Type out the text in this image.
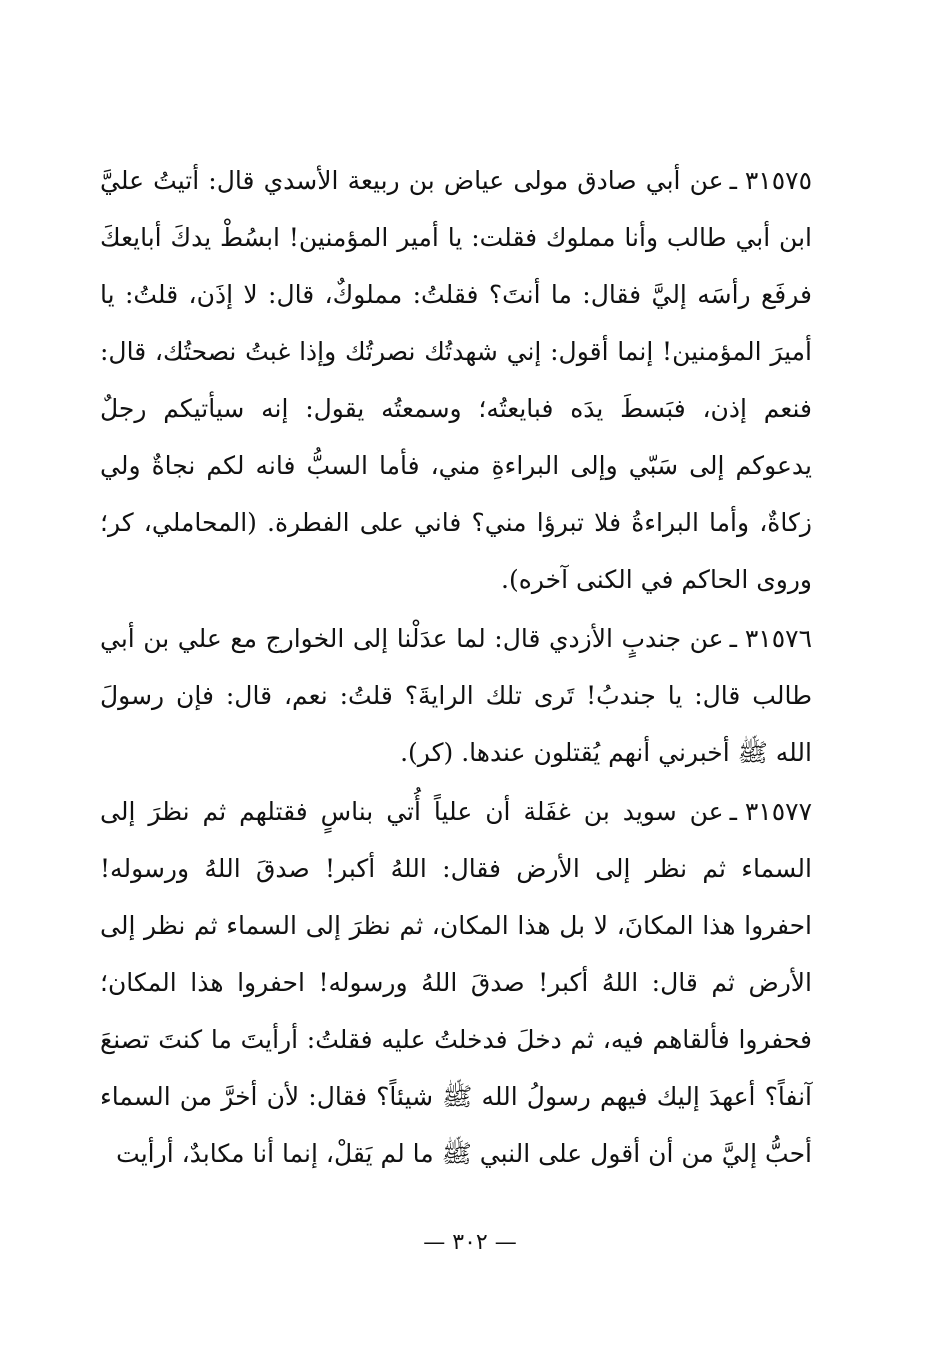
٣١٥٧٥ ـعن أبي صادق مولى عياض بن ربيعة الأسدي قال: أتيتُ عليَّ ابن أبي طالب وأنا مملوك فقلت: يا أمير المؤمنين! ابسُطْ يدكَ أبايعكَ فرفَع رأسَه إليَّ فقال: ما أنتَ؟ فقلتُ: مملوكٌ، قال: لا إذَن، قلتُ: يا أميرَ المؤمنين! إنما أقول: إني شهدتُك نصرتُك وإذا غبتُ نصحتُك، قال: فنعم إذن، فبَسطَ يدَه فبايعتُه؛ وسمعتُه يقول: إنه سيأتيكم رجلٌ يدعوكم إلى سَبّي وإلى البراءةِ مني، فأما السبُّ فانه لكم نجاةٌ ولي زكاةٌ، وأما البراءةُ فلا تبرؤا مني؟ فاني على الفطرة. (المحاملي، كر؛ وروى الحاكم في الكنى آخره).

٣١٥٧٦ ـعن جندبٍ الأزدي قال: لما عدَلْنا إلى الخوارج مع علي بن أبي طالب قال: يا جندبُ! تَرى تلك الرايةَ؟ قلتُ: نعم، قال: فإن رسولَ الله ﷺ أخبرني أنهم يُقتلون عندها. (كر).

٣١٥٧٧ ـعن سويد بن غفَلة أن علياً أُتي بناسٍ فقتلهم ثم نظرَ إلى السماء ثم نظر إلى الأرض فقال: اللهُ أكبر! صدقَ اللهُ ورسوله! احفروا هذا المكانَ، لا بل هذا المكان، ثم نظرَ إلى السماء ثم نظر إلى الأرض ثم قال: اللهُ أكبر! صدقَ اللهُ ورسوله! احفروا هذا المكان؛ فحفروا فألقاهم فيه، ثم دخلَ فدخلتُ عليه فقلتُ: أرأيتَ ما كنتَ تصنعَ آنفاً؟ أعهدَ إليك فيهم رسولُ الله ﷺ شيئاً؟ فقال: لأن أخرَّ من السماء أحبُّ إليَّ من أن أقول على النبي ﷺ ما لم يَقلْ، إنما أنا مكابدٌ، أرأيت

— ٣٠٢ —
